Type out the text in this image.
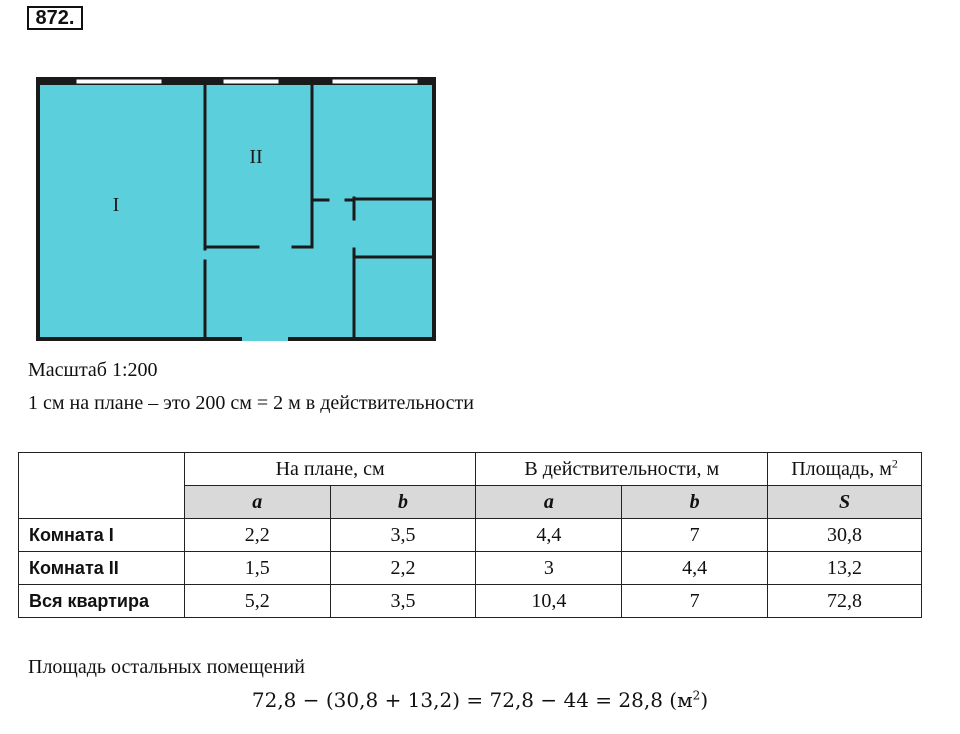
872.
I
II
Масштаб 1:200
1 см на плане – это 200 см = 2 м в действительности
	На плане, см		В действительности, м		Площадь, $м^2$
	a	b	a	b	S
Комната I	2,2	3,5	4,4	7	30,8
Комната II	1,5	2,2	3	4,4	13,2
Вся квартира	5,2	3,5	10,4	7	72,8
Площадь остальных помещений
72,8 − (30,8 + 13,2) = 72,8 − 44 = 28,8 $(м^2)$
